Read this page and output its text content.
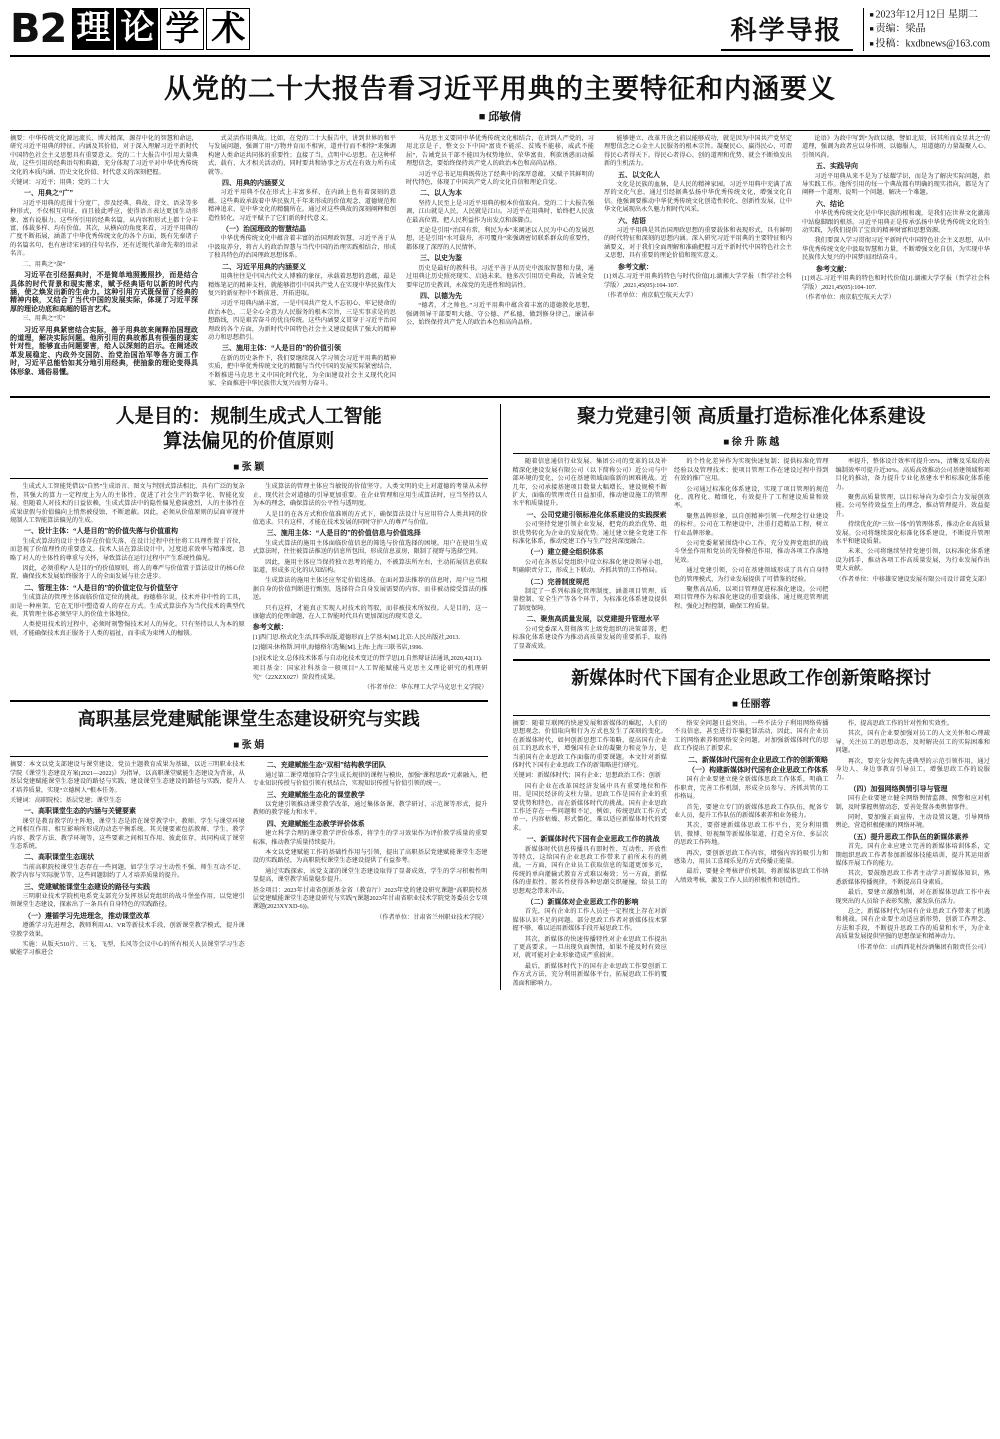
B2 理 论 学 术	科学导报
■ 2023年12月12日 星期二
■ 责编：梁晶
■ 投稿：kxdbnews@163.com
从党的二十大报告看习近平用典的主要特征和内涵要义
■ 邱敏倩

摘要：中华传统文化源远流长、博大精深，源存中化的智慧和命运，研究习近平用典的特征、内涵及其价值，对于深入理解习近平新时代中国特色社会主义思想具有重要意义。党的二十大报告中引用大量典故，这些引用的经典语句和典籍，充分体现了习近平对中华优秀传统文化的本质内涵、历史文化价值、时代意义的深刻把握。

关键词：习近平；用典；党的二十大

一、用典之“广”

习近平用典的范围十分宽广，涉及经典、典故、诗文、语录等多种形式，不仅相互印证，而且彼此呼应，使得语言表达更加生动形象、富有说服力。这些所引用的经典名篇，从内容和形式上都十分丰富、体裁多样、均有价值。其次，从横向的角度来看，习近平用典的广度不断拓展，涵盖了中华优秀传统文化的各个方面，既有先秦诸子的名篇名句，也有唐诗宋词的佳句名作，还有近现代革命先辈的语录名言。

二、用典之“深”

习近平在引经据典时，不是简单地照搬照抄，而是结合具体的时代背景和现实需求，赋予经典语句以新的时代内涵，使之焕发出新的生命力。这种引用方式既保留了经典的精神内核，又结合了当代中国的发展实际，体现了习近平深厚的理论功底和高超的语言艺术。

三、用典之“实”

习近平用典紧密结合实际，善于用典故来阐释治国理政的道理，解决实际问题。他所引用的典故都具有很强的现实针对性，能够直击问题要害，给人以深刻的启示。在阐述改革发展稳定、内政外交国防、治党治国治军等各方面工作时，习近平总能恰如其分地引用经典，使抽象的理论变得具体形象、通俗易懂。

式灵活作用典故。比如，在党的二十大报告中，讲到世界的和平与发展问题，强调了用“万物并育而不相害，道并行而不相悖”来强调构建人类命运共同体的重要性；直接了当，点明中心思想。在这种样式、载有、大才相关活动的，同时要共和协事之方式在有效力所有成就等。

四、用典的内涵要义

习近平用典不仅在形式上丰富多样，在内涵上也有着深刻的意蕴。这些典故承载着中华民族几千年来形成的价值观念、道德规范和精神追求，是中华文化的精髓所在。通过对这些典故的深刻阐释和创造性转化，习近平赋予了它们新的时代意义。

（一）治国理政的智慧结晶

中华优秀传统文化中蕴含着丰富的治国理政智慧，习近平善于从中汲取养分，将古人的政治智慧与当代中国的治理实践相结合，形成了独具特色的治国理政思想体系。

二、习近平用典的内涵要义

用典往往是中国古代文人博雅的象征，承载着思想的意蕴，最是精炼笔记的精神支柱，就能够指引中国共产党人在实现中华民族伟大复兴的新征程中不断前进、开拓进取。

习近平用典内涵丰富，一是中国共产党人不忘初心、牢记使命的政治本色，二是全心全意为人民服务的根本宗旨，三是实事求是的思想路线，四是艰苦奋斗的优良传统。这些内涵要义贯穿于习近平治国理政的各个方面，为新时代中国特色社会主义建设提供了强大的精神动力和思想指引。

三、施用主体：“人是目的”的价值引领

在新的历史条件下，我们要继续深入学习领会习近平用典的精神实质，把中华优秀传统文化的精髓与当代中国的发展实际紧密结合，不断推进马克思主义中国化时代化，为全面建设社会主义现代化国家、全面推进中华民族伟大复兴而努力奋斗。

马克思主义要同中华优秀传统文化相结合，在讲到人严党的，习用北京是子，整文公下中国“富贵不能淫、贫贱不能移，威武不能屈”，告诫党员干部不能因为权势地位、荣华富贵、利欲诱惑而动摇理想信念，要始终保持共产党人的政治本色和高尚品格。

习近平总书记用典既传达了经典中的深厚意蕴，又赋予其鲜明的时代特色，体现了中国共产党人的文化自信和理论自觉。

二、以人为本

坚持人民至上是习近平用典的根本价值取向。党的二十大报告强调，江山就是人民，人民就是江山。习近平在用典时，始终把人民放在最高位置，把人民利益作为出发点和落脚点。

无论是引用“治国有常，利民为本”来阐述以人民为中心的发展思想，还是引用“水可载舟，亦可覆舟”来强调密切联系群众的重要性，都体现了深厚的人民情怀。

三、以史为鉴

历史是最好的教科书。习近平善于从历史中汲取智慧和力量，通过用典让历史照亮现实、启迪未来。他多次引用历史典故，告诫全党要牢记历史教训，永葆党的先进性和纯洁性。

四、以德为先

“德者，才之帅也。”习近平用典中蕴含着丰富的道德教化思想，强调领导干部要明大德、守公德、严私德，做到修身律己、廉洁奉公，始终保持共产党人的政治本色和高尚品格。

能够建立、改革开放之前以能够成功，就是因为中国共产党坚定理想信念之心金主人民服务的根本宗旨。凝聚民心、赢得民心，可谓得民心者得天下。得民心者得心、创的道理和优势、就会不断焕发出新的生机活力。

五、以文化人

文化是民族的血脉，是人民的精神家园。习近平用典中充满了浓厚的文化气息，通过引经据典弘扬中华优秀传统文化，增强文化自信。他强调要推动中华优秀传统文化创造性转化、创新性发展，让中华文化展现出永久魅力和时代风采。

六、结语

习近平用典是其治国理政思想的重要载体和表现形式，具有鲜明的时代特征和深刻的思想内涵。深入研究习近平用典的主要特征和内涵要义，对于我们全面理解和准确把握习近平新时代中国特色社会主义思想，具有重要的理论价值和现实意义。

参考文献：

[1]刘志.习近平用典的特色与时代价值[J].湖湘大学学报（哲学社会科学版）,2021,45(05):104-107.

（作者单位：南京航空航天大学）

论语》为政中写到“为政以德，譬如北辰，居其所而众星共之”的道理，强调为政者应以身作则、以德服人，用道德的力量凝聚人心、引领风尚。

五、实践导向

习近平用典从来不是为了炫耀学识，而是为了解决实际问题，指导实践工作。他所引用的每一个典故都有明确的现实指向，都是为了阐释一个道理、说明一个问题、解决一个难题。

六、结论

中华优秀传统文化是中华民族的根和魂，是我们在世界文化激荡中站稳脚跟的根基。习近平用典正是传承弘扬中华优秀传统文化的生动实践，为我们提供了宝贵的精神财富和思想资源。

我们要深入学习贯彻习近平新时代中国特色社会主义思想，从中华优秀传统文化中汲取智慧和力量，不断增强文化自信，为实现中华民族伟大复兴的中国梦而团结奋斗。

参考文献：

[1]刘志.习近平用典的特色和时代价值[J].湖湘大学学报（哲学社会科学版）,2021,45(05):104-107.

（作者单位：南京航空航天大学）

人是目的：规制生成式人工智能
算法偏见的价值原则
■ 张 颖

生成式人工智能凭借以“自然”生成语言、图文与判别式算法相比，具有广泛的复杂性，其强大的算力一定程度上为人的主体性，促进了社会生产的数字化、智能化发展。但随着人对技术的日益依赖，生成式算法中的隐性偏见愈演愈烈，人的主体性在成果虚假与价值偏向上悄然被侵蚀，不断遮蔽。因此，必须从价值原则的层面审视并规制人工智能算法偏见的生成。

一、设计主体：“人是目的”的价值失落与价值重构

生成式算法的设计主体存在价值失落，在设计过程中往往将工具理性置于首位，而忽视了价值理性的重要意义。技术人员在算法设计中，过度追求效率与精准度，忽略了对人的主体性的尊重与关怀，导致算法在运行过程中产生系统性偏见。

因此，必须重构“人是目的”的价值原则，将人的尊严与价值置于算法设计的核心位置，确保技术发展始终服务于人的全面发展与社会进步。

二、管理主体：“人是目的”的价值定位与价值坚守

生成算法的管理主体面临价值定位的挑战。海德格尔说，技术并非中性的工具，而是一种座架，它在无形中塑造着人的存在方式。生成式算法作为当代技术的典型代表，其管理主体必须坚守人的价值主体地位。

人类使用技术的过程中，必须时刻警惕技术对人的异化。只有坚持以人为本的原则，才能确保技术真正服务于人类的福祉，而非成为束缚人的枷锁。

生成算法的管理主体应当敏锐的价值坚守。人类文明的史上对道德的考量从未停止，现代社会对道德的引导更加重要。在企业管理和应用生成算法时，应当坚持以人为本的理念，确保算法的公平性与透明度。

人是目的在各方式和价值准则的方式下，确保算法设计与应用符合人类共同的价值追求。只有这样，才能在技术发展的同时守护人的尊严与价值。

三、施用主体：“人是目的”的价值信息与价值选择

生成式算法的施用主体面临价值信息的筛选与价值选择的困境。用户在使用生成式算法时，往往被算法推送的信息所包围，形成信息茧房，限制了视野与选择空间。

因此，施用主体应当保持独立思考的能力，不被算法所左右，主动拓展信息获取渠道，形成多元化的认知结构。

生成算法的施用主体还应坚定价值选择。在面对算法推荐的信息时，用户应当根据自身的价值判断进行甄别，选择符合自身发展需要的内容，而非被动接受算法的推送。

只有这样，才能真正实现人对技术的驾驭，而非被技术所奴役。人是目的，这一康德式的伦理命题，在人工智能时代具有更加深远的现实意义。

参考文献：

[1]西门思.格式化生活,四季出版,道德形而上学基本[M].北京:人民出版社,2013.

[2]德国:休格斯.同审,海德格尔选集[M].上海:上海三联书店,1996.

[3]技术论文.总体技术体系与自动化技术变迁的哲学思[J].自然辩证法通讯,2020,42(11).

项目基金：国家社科基金一般项目“人工智能赋能马克思主义理论研究的机理研究”（22XZX027）阶段性成果。

（作者单位：华东理工大学马克思主义学院）

高职基层党建赋能课堂生态建设研究与实践
■ 张 娟

摘要：本文以党支部建设与课堂建设、党员主题教育成果为基础，以近三明职业技术学院《课堂生态建设方案(2021—2022)》为指导，以高职课堂赋能生态建设为背景，从基层党建赋能课堂生态建设的路径与实践，建设课堂生态建设的路径与实践，提升人才培养质量，实现“立德树人”根本任务。

关键词：高职院校；基层党建；课堂生态

一、高职课堂生态的内涵与关键要素

课堂是教育教学的主阵地，课堂生态是指在课堂教学中，教师、学生与课堂环境之间相互作用、相互影响所形成的动态平衡系统。其关键要素包括教师、学生、教学内容、教学方法、教学环境等，这些要素之间相互作用、彼此依存，共同构成了课堂生态系统。

二、高职课堂生态现状

当前高职院校课堂生态存在一些问题，如学生学习主动性不强、师生互动不足、教学内容与实际脱节等，这些问题制约了人才培养质量的提升。

三、党建赋能课堂生态建设的路径与实践

三明职业技术学院机电系党支部充分发挥基层党组织的战斗堡垒作用，以党建引领课堂生态建设，探索出了一条具有自身特色的实践路径。

（一）遵循学习先进理念，推动课堂改革

遵循学习先进理念，教师利用AI、VR等新技术手段，创新课堂教学模式，提升课堂教学效果。

实施：从版天510片、三飞、飞型、长风等会议中心的所有相关人员课堂学习生态赋能学习推进会

二、充建赋能生态“双相”结构教学团队

通过第二课堂增加符合学生成长规律的课程与模块，加强“课程思政”元素融入，把专业知识传授与价值引领有机结合，实现知识传授与价值引领的统一。

三、充建赋能生态化的课堂教学

以党建引领推动课堂教学改革，通过集体备课、教学研讨、示范课等形式，提升教师的教学能力和水平。

四、充建赋能生态教学评价体系

建立科学合理的课堂教学评价体系，将学生的学习效果作为评价教学质量的重要标准，推动教学质量持续提升。

本文以党建赋能工作的基础性作用与引领，提出了高职基层党建赋能课堂生态建设的实践路径，为高职院校课堂生态建设提供了有益参考。

通过实践探索，该党支部的课堂生态建设取得了显著成效，学生的学习积极性明显提高，课堂教学质量稳步提升。

基金项目：2023年甘肃省创新基金省（教育厅）2023年党的建设研究课题“高职院校基层党建赋能课堂生态建设研究与实践”(课题2023年甘肃省职业技术学院党务委员会专项课题(2023XYXD-6))。

（作者单位：甘肃省兰州职业技术学院）

聚力党建引领 高质量打造标准化体系建设
■ 徐 升 陈 越

随着信息通信行业发展、集团公司的变革的以及补精深化建设发展有限公司（以下简称公司）近公司与中部环境的变化，公司在基建领域面临新的困难挑战。近几年，公司承接基建项目数量大幅增长，建设规模不断扩大，面临的管理责任日益加重，推动建设施工的管理水平和质量提升。

一、公司党建引领标准化体系建设的实践探索

公司坚持党建引领企业发展，把党的政治优势、组织优势转化为企业的发展优势。通过建立健全党建工作标准化体系，推动党建工作与生产经营深度融合。

（一）建立健全组织体系

公司在各基层党组织中设立标准化建设领导小组，明确职责分工，形成上下联动、齐抓共管的工作格局。

（二）完善制度规范

制定了一系列标准化管理制度，涵盖项目管理、质量控制、安全生产等各个环节，为标准化体系建设提供了制度保障。

二、聚焦高质量发展，以党建提升管理水平

公司党委深入贯彻落实上级党组织的决策部署，把标准化体系建设作为推动高质量发展的重要抓手，取得了显著成效。

的个性化差异作为实现快速复制；提供标准化管理经验以及管理技术；使项目管理工作在建设过程中得到有效的推广应用。

公司通过标准化体系建设，实现了项目管理的规范化、流程化、精细化，有效提升了工程建设质量和效率。

聚焦品牌形象，以自创精神引领一代理念行业建设的标杆。公司在工程建设中，注重打造精品工程，树立行业品牌形象。

公司党委紧紧围绕中心工作，充分发挥党组织的战斗堡垒作用和党员的先锋模范作用，推动各项工作落地见效。

通过党建引领，公司在基建领域形成了具有自身特色的管理模式，为行业发展提供了可借鉴的经验。

聚焦高品质，以项目管理促进标准化建设。公司把项目管理作为标准化建设的重要载体，通过规范管理流程、强化过程控制，确保工程质量。

率提升，整体设计效率可提升35%，清晰及采取的表编制效率可提升近30%。高质高效推动公司基建领域和项目化的推动，备力提升专业化基建水平和标准化体系能力。

聚焦高质量管理，以目标导向为牵引合力发展创效能。公司坚持效益至上的理念，推动管理提升、效益提升。

持续优化的“三位一体”的管理体系，推动企业高质量发展。公司将继续深化标准化体系建设，不断提升管理水平和建设质量。

未来，公司将继续坚持党建引领，以标准化体系建设为抓手，推动各项工作高质量发展，为行业发展作出更大贡献。

（作者单位：中移雄安建设发展有限公司设计部党支部）

新媒体时代下国有企业思政工作创新策略探讨
■ 任丽蓉

摘要：随着互联网的快速发展和新媒体的崛起，人们的思想观念、价值取向和行为方式也发生了深刻的变化。在新媒体时代，如何创新思想工作策略，提高国有企业员工的思政水平，增强国有企业的凝聚力和竞争力，是当前国有企业思政工作面临的重要课题。本文针对新媒体时代下国有企业思政工作的新策略进行研究。

关键词：新媒体时代；国有企业；思想政治工作；创新

国有企业在改革国经济发展中具有重要地位和作用，是国民经济的支柱力量。思政工作是国有企业的重要优势和特色，而在新媒体时代的挑战。国有企业思政工作还存在一些问题和不足，例如，传统思政工作方式单一、内容枯燥、形式僵化，难以适应新媒体时代的要求。

一、新媒体时代下国有企业思政工作的挑战

新媒体时代信息传播具有即时性、互动性、开放性等特点，这给国有企业思政工作带来了前所未有的挑战。一方面，国有企业员工获取信息的渠道更加多元，传统的单向灌输式教育方式难以奏效；另一方面，新媒体的虚拟性、匿名性使得各种思潮交织碰撞，给员工的思想观念带来冲击。

（二）新媒体对企业思政工作的影响

首先，国有企业的工作人员还一定程度上存在对新媒体认识不足的问题。部分思政工作者对新媒体技术掌握不够，难以运用新媒体手段开展思政工作。

其次，新媒体的快速传播特性对企业思政工作提出了更高要求。一旦出现负面舆情，如果不能及时有效应对，就可能对企业形象造成严重损害。

最后，新媒体时代下的国有企业思政工作要创新工作方式方法，充分利用新媒体平台，拓展思政工作的覆盖面和影响力。

络安全问题日益突出。一些不法分子利用网络传播不良信息，甚至进行诈骗犯罪活动，因此，国有企业员工的网络素养和网络安全问题，对加强新媒体时代的思政工作提出了新要求。

二、新媒体时代国有企业思政工作的创新策略

（一）构建新媒体时代国有企业思政工作体系

国有企业要建立健全新媒体思政工作体系，明确工作职责，完善工作机制，形成全员参与、齐抓共管的工作格局。

首先，要建立专门的新媒体思政工作队伍，配备专业人员，提升工作队伍的新媒体素养和业务能力。

其次，要搭建新媒体思政工作平台，充分利用微信、微博、短视频等新媒体渠道，打造全方位、多层次的思政工作阵地。

再次，要创新思政工作内容，增强内容的吸引力和感染力，用员工喜闻乐见的方式传播正能量。

最后，要健全考核评价机制，将新媒体思政工作纳入绩效考核，激发工作人员的积极性和创造性。

作，提高思政工作的针对性和实效性。

其次，国有企业要加强对员工的人文关怀和心理疏导，关注员工的思想动态，及时解决员工的实际困难和问题。

再次，要充分发挥先进典型的示范引领作用，通过身边人、身边事教育引导员工，增强思政工作的说服力。

（四）加强网络舆情引导与管理

国有企业要建立健全网络舆情监测、预警和应对机制，及时掌握舆情动态，妥善处置各类舆情事件。

同时，要加强正面宣传，主动设置议题，引导网络舆论，营造积极健康的网络环境。

（五）提升思政工作队伍的新媒体素养

首先，国有企业应建立完善的新媒体培训体系，定期组织思政工作者参加新媒体技能培训，提升其运用新媒体开展工作的能力。

其次，要鼓励思政工作者主动学习新媒体知识，熟悉新媒体传播规律，不断提高自身素质。

最后，要建立激励机制，对在新媒体思政工作中表现突出的人员给予表彰奖励，激发队伍活力。

总之，新媒体时代为国有企业思政工作带来了机遇和挑战。国有企业要主动适应新形势，创新工作理念、方法和手段，不断提升思政工作的质量和水平，为企业高质量发展提供坚强的思想保证和精神动力。

（作者单位：山西西花村汾酒集团有限责任公司）
